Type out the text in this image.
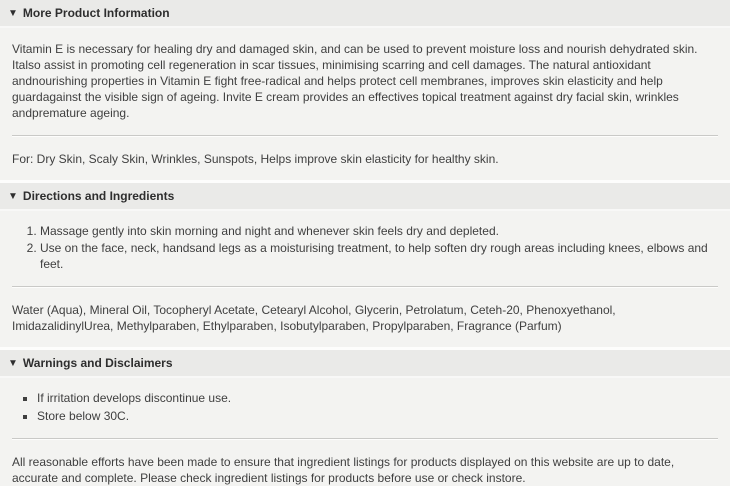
▼ More Product Information

Vitamin E is necessary for healing dry and damaged skin, and can be used to prevent moisture loss and nourish dehydrated skin. Italso assist in promoting cell regeneration in scar tissues, minimising scarring and cell damages. The natural antioxidant andnourishing properties in Vitamin E fight free-radical and helps protect cell membranes, improves skin elasticity and help guardagainst the visible sign of ageing. Invite E cream provides an effectives topical treatment against dry facial skin, wrinkles andpremature ageing.

For: Dry Skin, Scaly Skin, Wrinkles, Sunspots, Helps improve skin elasticity for healthy skin.

▼ Directions and Ingredients
1. Massage gently into skin morning and night and whenever skin feels dry and depleted.
2. Use on the face, neck, handsand legs as a moisturising treatment, to help soften dry rough areas including knees, elbows and feet.

Water (Aqua), Mineral Oil, Tocopheryl Acetate, Cetearyl Alcohol, Glycerin, Petrolatum, Ceteh-20, Phenoxyethanol, ImidazalidinylUrea, Methylparaben, Ethylparaben, Isobutylparaben, Propylparaben, Fragrance (Parfum)

▼ Warnings and Disclaimers
▪ If irritation develops discontinue use.
▪ Store below 30C.

All reasonable efforts have been made to ensure that ingredient listings for products displayed on this website are up to date, accurate and complete. Please check ingredient listings for products before use or check instore.
